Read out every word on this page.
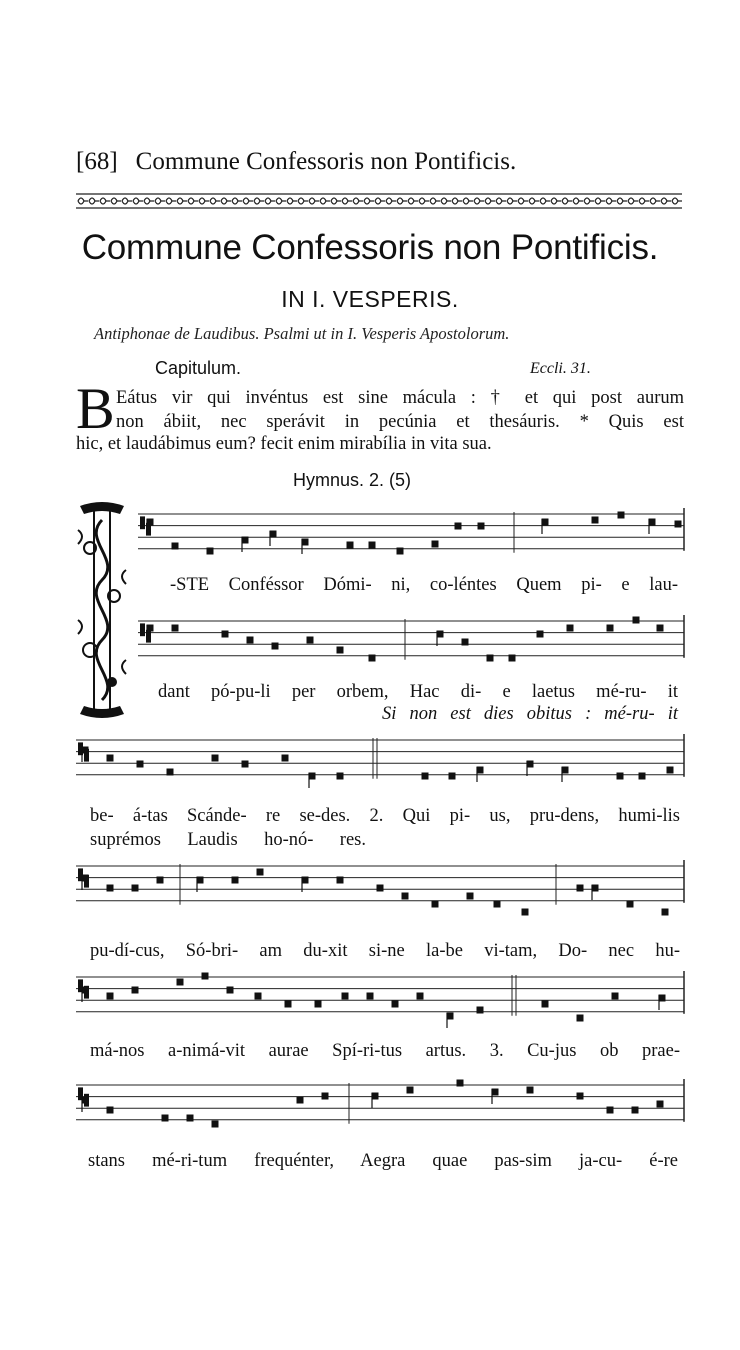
[68] Commune Confessoris non Pontificis.
Commune Confessoris non Pontificis.
IN I. VESPERIS.
Antiphonae de Laudibus. Psalmi ut in I. Vesperis Apostolorum.
Capitulum.	Eccli. 31.
B Eátus vir qui invéntus est sine mácula : † et qui post aurum
non ábiit, nec sperávit in pecúnia et thesáuris. * Quis est
hic, et laudábimus eum? fecit enim mirabília in vita sua.
Hymnus. 2. (5)
-STE Conféssor Dómi- ni, co-léntes Quem pi- e lau-
dant pó-pu-li per orbem, Hac di- e laetus mé-ru- it
Si non est dies obitus : mé-ru- it
be- á-tas Scánde- re se-des. 2. Qui pi- us, pru-dens, humi-lis
suprémos Laudis ho-nó- res.
pu-dí-cus, Só-bri- am du-xit si-ne la-be vi-tam, Do- nec hu-
má-nos a-nimá-vit aurae Spí-ri-tus artus. 3. Cu-jus ob prae-
stans mé-ri-tum frequénter, Aegra quae pas-sim ja-cu- é-re
